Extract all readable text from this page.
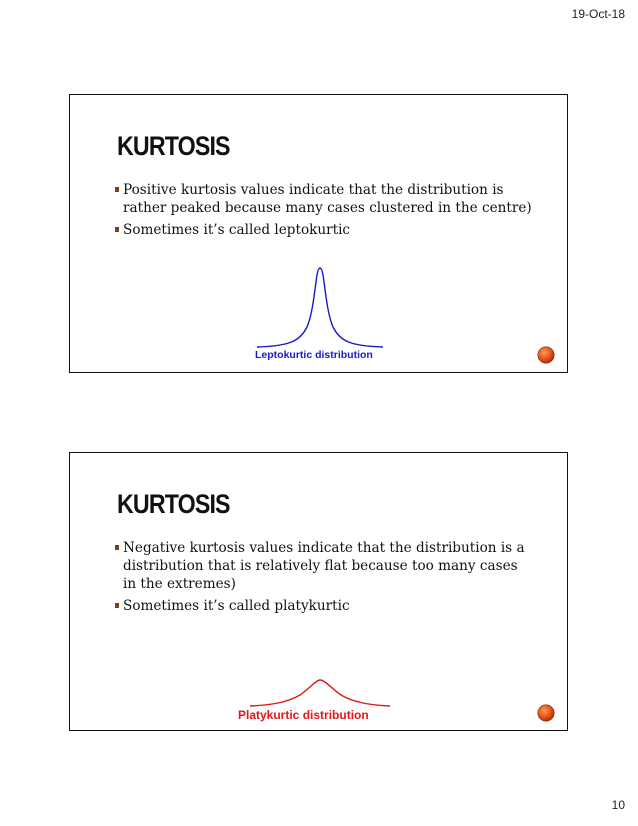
19-Oct-18
KURTOSIS
Positive kurtosis values indicate that the distribution is rather peaked because many cases clustered in the centre)
Sometimes it’s called leptokurtic
Leptokurtic distribution
KURTOSIS
Negative kurtosis values indicate that the distribution is a distribution that is relatively flat because too many cases in the extremes)
Sometimes it’s called platykurtic
Platykurtic distribution
10
